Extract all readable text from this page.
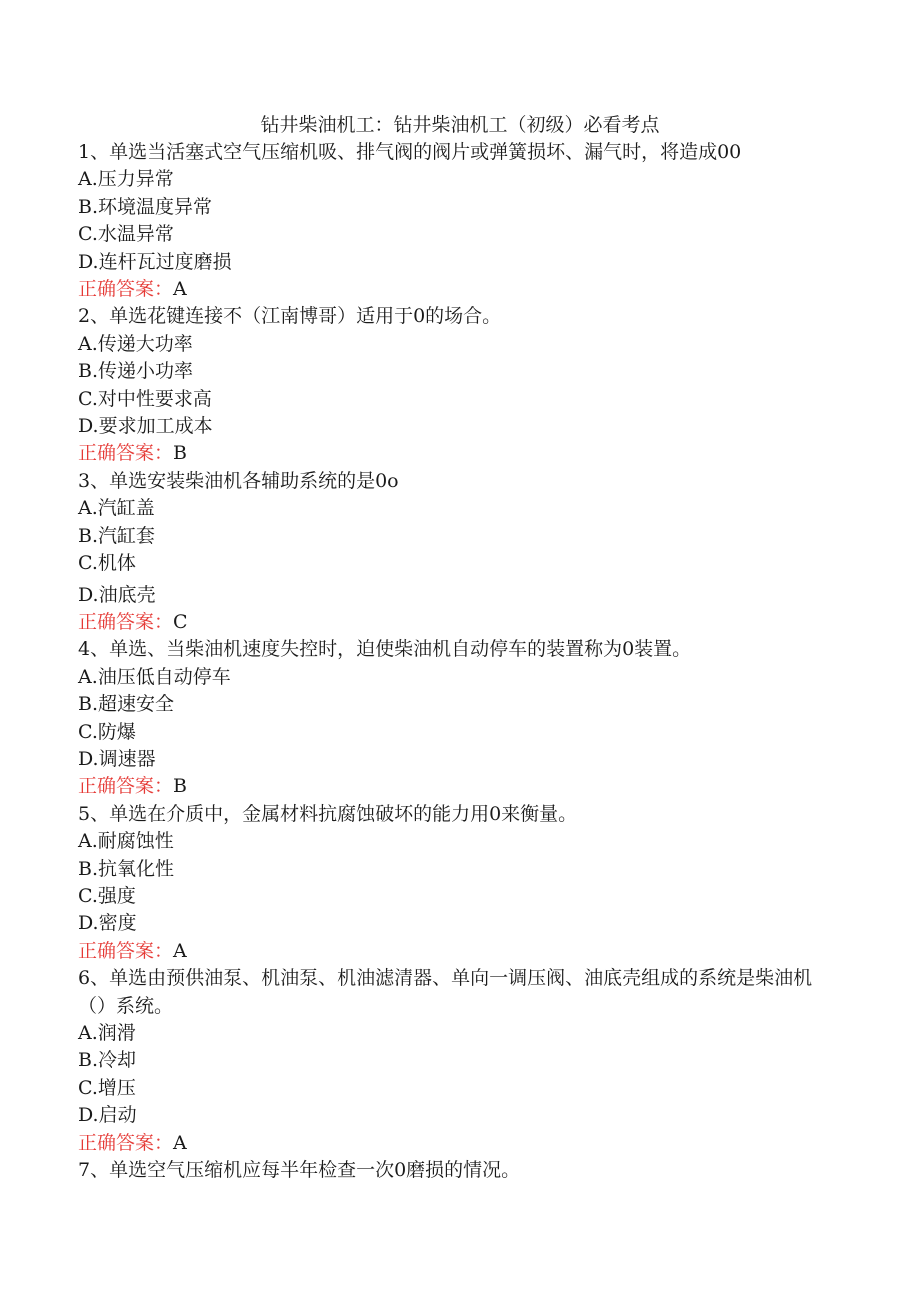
钻井柴油机工：钻井柴油机工（初级）必看考点
1、单选当活塞式空气压缩机吸、排气阀的阀片或弹簧损坏、漏气时，将造成00
A.压力异常
B.环境温度异常
C.水温异常
D.连杆瓦过度磨损
正确答案：A
2、单选花键连接不（江南博哥）适用于0的场合。
A.传递大功率
B.传递小功率
C.对中性要求高
D.要求加工成本
正确答案：B
3、单选安装柴油机各辅助系统的是0o
A.汽缸盖
B.汽缸套
C.机体
D.油底壳
正确答案：C
4、单选、当柴油机速度失控时，迫使柴油机自动停车的装置称为0装置。
A.油压低自动停车
B.超速安全
C.防爆
D.调速器
正确答案：B
5、单选在介质中，金属材料抗腐蚀破坏的能力用0来衡量。
A.耐腐蚀性
B.抗氧化性
C.强度
D.密度
正确答案：A
6、单选由预供油泵、机油泵、机油滤清器、单向一调压阀、油底壳组成的系统是柴油机（）系统。
A.润滑
B.冷却
C.增压
D.启动
正确答案：A
7、单选空气压缩机应每半年检查一次0磨损的情况。
